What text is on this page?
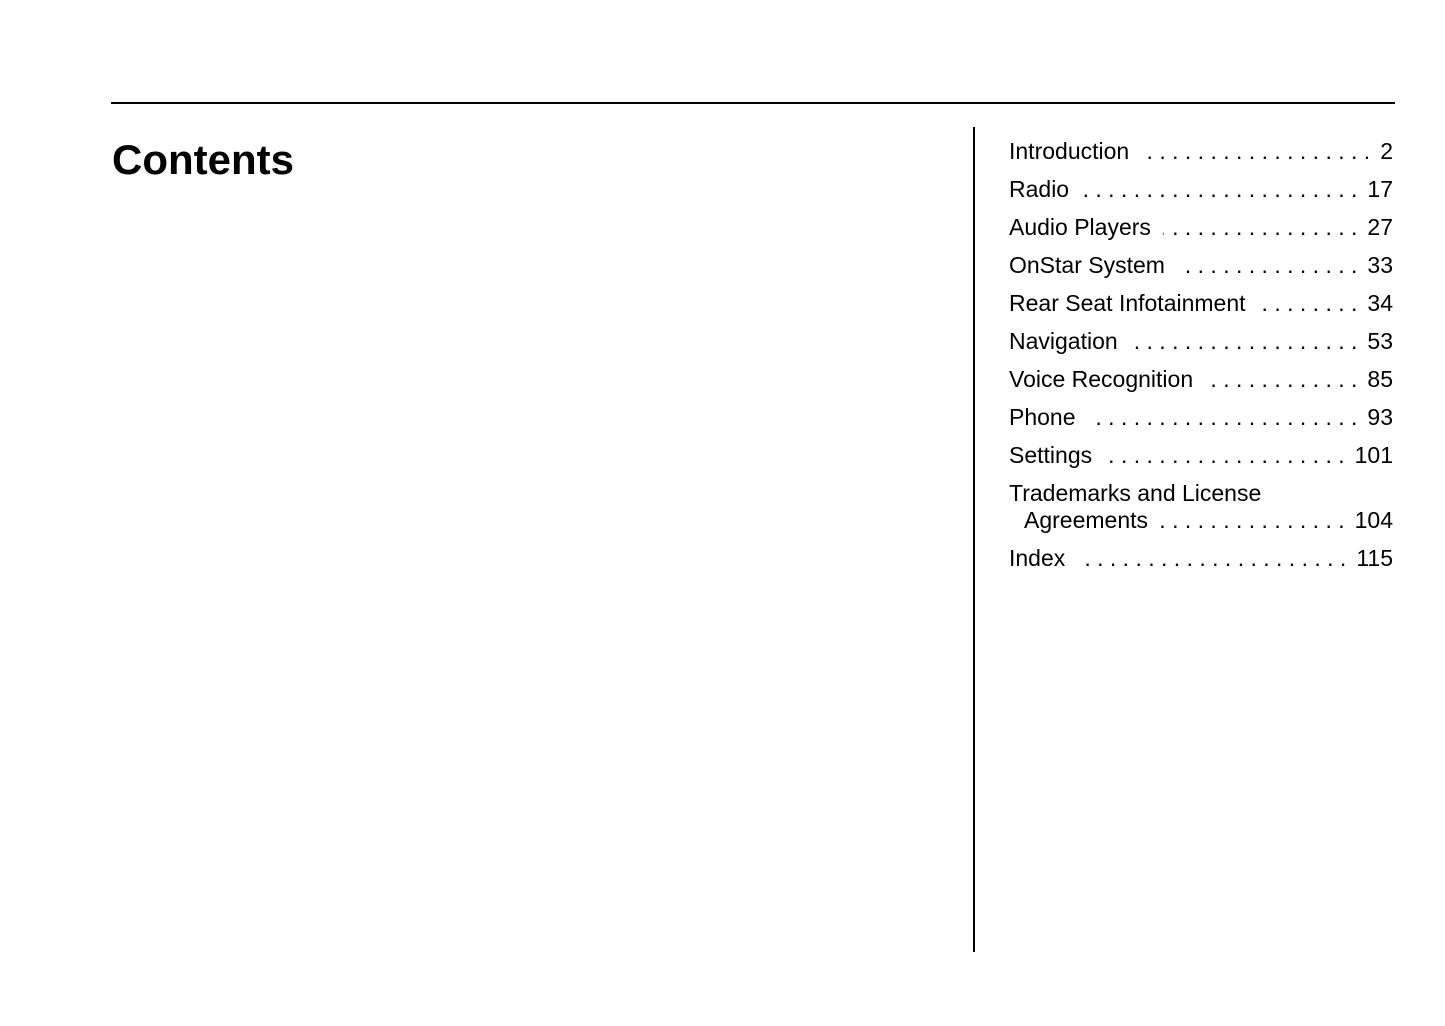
Contents	Introduction . . .	2
Radio . . .	17
Audio Players . . .	27
OnStar System . . .	33
Rear Seat Infotainment . . .	34
Navigation . . .	53
Voice Recognition . . .	85
Phone . . .	93
Settings . . .	101
Trademarks and License
Agreements . . .	104
Index . . .	115
